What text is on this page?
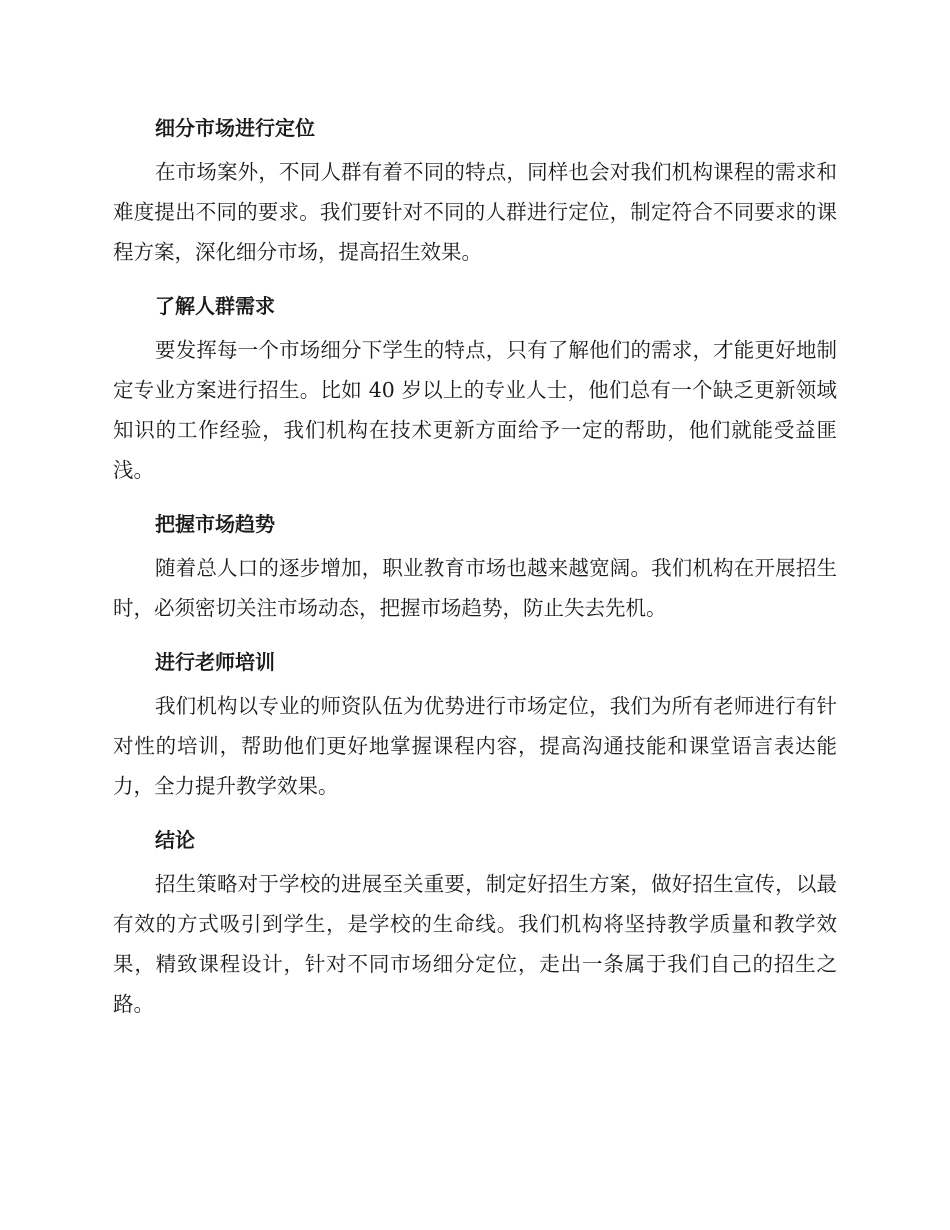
细分市场进行定位

在市场案外，不同人群有着不同的特点，同样也会对我们机构课程的需求和难度提出不同的要求。我们要针对不同的人群进行定位，制定符合不同要求的课程方案，深化细分市场，提高招生效果。

了解人群需求

要发挥每一个市场细分下学生的特点，只有了解他们的需求，才能更好地制定专业方案进行招生。比如 40 岁以上的专业人士，他们总有一个缺乏更新领域知识的工作经验，我们机构在技术更新方面给予一定的帮助，他们就能受益匪浅。

把握市场趋势

随着总人口的逐步增加，职业教育市场也越来越宽阔。我们机构在开展招生时，必须密切关注市场动态，把握市场趋势，防止失去先机。

进行老师培训

我们机构以专业的师资队伍为优势进行市场定位，我们为所有老师进行有针对性的培训，帮助他们更好地掌握课程内容，提高沟通技能和课堂语言表达能力，全力提升教学效果。

结论

招生策略对于学校的进展至关重要，制定好招生方案，做好招生宣传，以最有效的方式吸引到学生，是学校的生命线。我们机构将坚持教学质量和教学效果，精致课程设计，针对不同市场细分定位，走出一条属于我们自己的招生之路。
